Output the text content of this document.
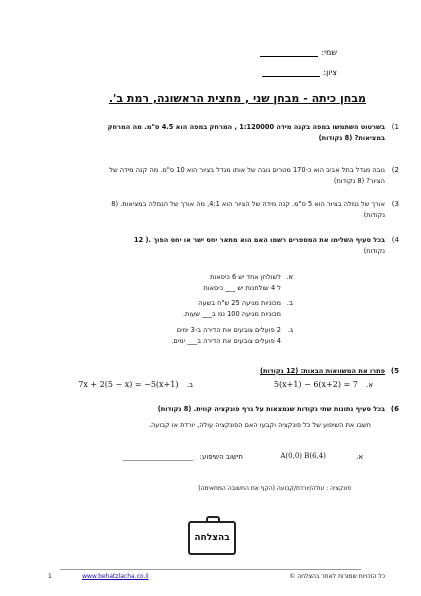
שמי:
ציון:
מבחן כיתה - מבחן שני , מחצית הראשונה, רמת ב'.
1)
בשרטוט השתמשו במפה בקנה מידה 1:120000 , המרחק במפה הוא 4.5 ס"מ. מה המרחק
במציאות? (8 נקודות)
2)
גובה מגדל בתל אביב הוא כ-170 מטרים גובה של אותו מגדל בציור הוא 10 ס"מ. מה קנה מידה של
הציור? (8 נקודות)
3)
אורך של נמלה בציור הוא 5 ס"מ. קנה מידה של הציור הוא 4:1, מה אורך של הנמלה במציאות. (8
נקודות)
4)
בכל סעיף השלימו את המספרים רשמו האם הוא מתאר יחס ישר או יחס הפוך .( 12
נקודות)
א.
לשולחן אחד יש 6 כיסאות
ל 4 שולחנות יש ___ כיסאות
ב.
מכוניות מגיעה 25 ש"ח בשעה
מכוניות מגיעה 100 נמ ב___ שעות.
ג.
2 פועלים צובעים את הדירה ב-3 ימים
4 פועלים צובעים את הדירה ב___ ימים.
5)
פתרו את המשוואות הבאות: (12 נקודות)
א. 5(x+1) − 6(x+2) = 7
ב. 7x + 2(5 − x) = −5(x+1)
6)
בכל סעיף נתונות שתי נקודות שנמצאות על גרף פונקציה קווית. (8 נקודות)
חשבו את השיפוע של כל פונקציה וקבעו האם הפונקציה עולה, יורדת או קבועה.
א.
A(0,0) B(6,4)
חישוב השיפוע:
____________________
פונקציה : עולה/יורדת/קבועה (הקף את התשובה המתאימה)
בהצלחה
כל הזכויות שמורות לאתר בהצלחה ©
www.behatzlacha.co.il
1
